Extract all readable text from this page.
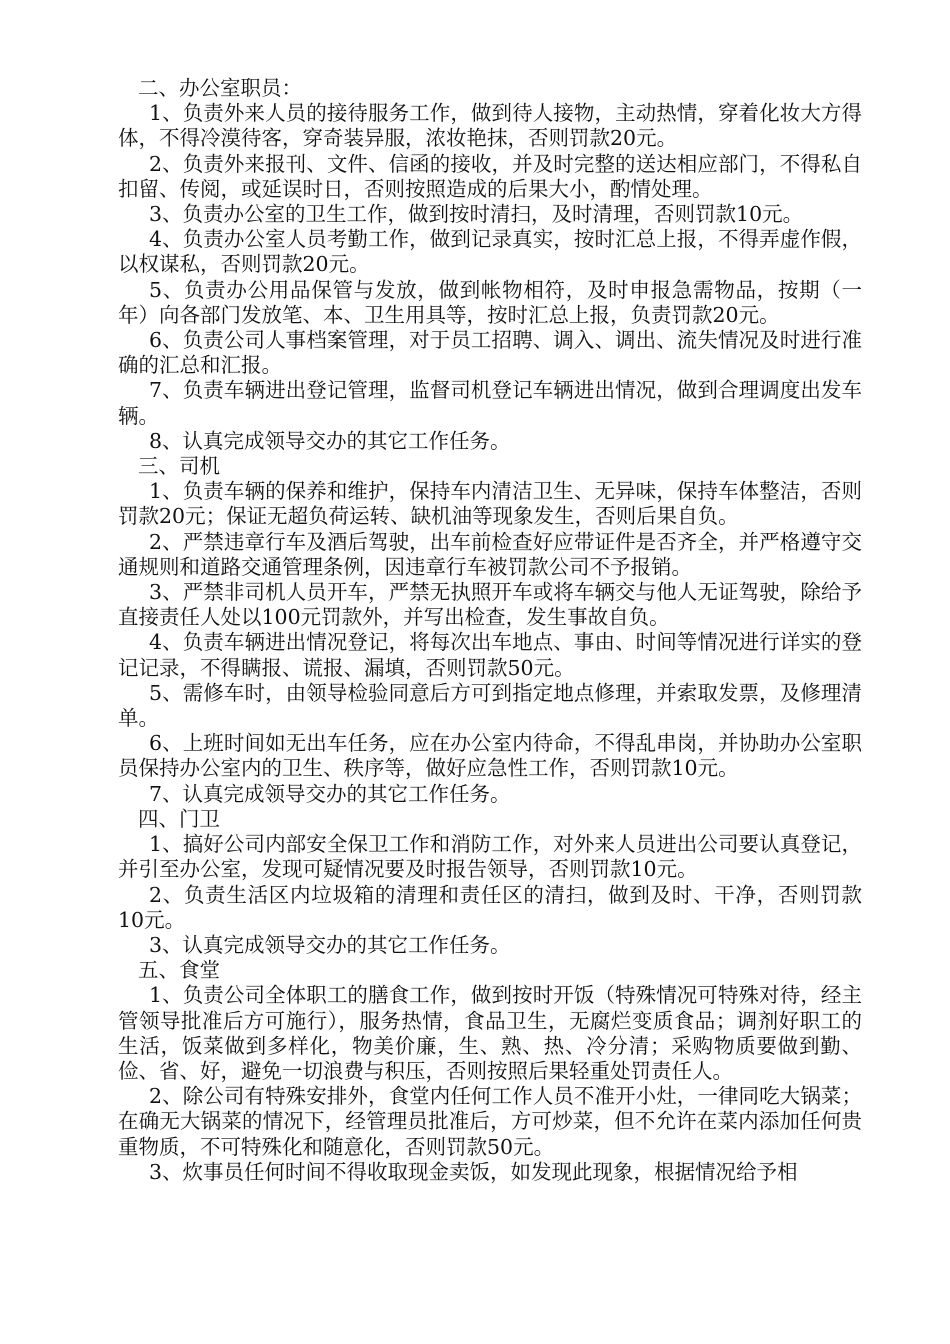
二、办公室职员：

1、负责外来人员的接待服务工作，做到待人接物，主动热情，穿着化妆大方得体，不得冷漠待客，穿奇装异服，浓妆艳抹，否则罚款20元。

2、负责外来报刊、文件、信函的接收，并及时完整的送达相应部门，不得私自扣留、传阅，或延误时日，否则按照造成的后果大小，酌情处理。

3、负责办公室的卫生工作，做到按时清扫，及时清理，否则罚款10元。

4、负责办公室人员考勤工作，做到记录真实，按时汇总上报，不得弄虚作假，以权谋私，否则罚款20元。

5、负责办公用品保管与发放，做到帐物相符，及时申报急需物品，按期（一年）向各部门发放笔、本、卫生用具等，按时汇总上报，负责罚款20元。

6、负责公司人事档案管理，对于员工招聘、调入、调出、流失情况及时进行准确的汇总和汇报。

7、负责车辆进出登记管理，监督司机登记车辆进出情况，做到合理调度出发车辆。

8、认真完成领导交办的其它工作任务。

三、司机

1、负责车辆的保养和维护，保持车内清洁卫生、无异味，保持车体整洁，否则罚款20元；保证无超负荷运转、缺机油等现象发生，否则后果自负。

2、严禁违章行车及酒后驾驶，出车前检查好应带证件是否齐全，并严格遵守交通规则和道路交通管理条例，因违章行车被罚款公司不予报销。

3、严禁非司机人员开车，严禁无执照开车或将车辆交与他人无证驾驶，除给予直接责任人处以100元罚款外，并写出检查，发生事故自负。

4、负责车辆进出情况登记，将每次出车地点、事由、时间等情况进行详实的登记记录，不得瞒报、谎报、漏填，否则罚款50元。

5、需修车时，由领导检验同意后方可到指定地点修理，并索取发票，及修理清单。

6、上班时间如无出车任务，应在办公室内待命，不得乱串岗，并协助办公室职员保持办公室内的卫生、秩序等，做好应急性工作，否则罚款10元。

7、认真完成领导交办的其它工作任务。

四、门卫

1、搞好公司内部安全保卫工作和消防工作，对外来人员进出公司要认真登记，并引至办公室，发现可疑情况要及时报告领导，否则罚款10元。

2、负责生活区内垃圾箱的清理和责任区的清扫，做到及时、干净，否则罚款10元。

3、认真完成领导交办的其它工作任务。

五、食堂

1、负责公司全体职工的膳食工作，做到按时开饭（特殊情况可特殊对待，经主管领导批准后方可施行），服务热情，食品卫生，无腐烂变质食品；调剂好职工的生活，饭菜做到多样化，物美价廉，生、熟、热、冷分清；采购物质要做到勤、俭、省、好，避免一切浪费与积压，否则按照后果轻重处罚责任人。

2、除公司有特殊安排外，食堂内任何工作人员不准开小灶，一律同吃大锅菜；在确无大锅菜的情况下，经管理员批准后，方可炒菜，但不允许在菜内添加任何贵重物质，不可特殊化和随意化，否则罚款50元。

3、炊事员任何时间不得收取现金卖饭，如发现此现象，根据情况给予相
